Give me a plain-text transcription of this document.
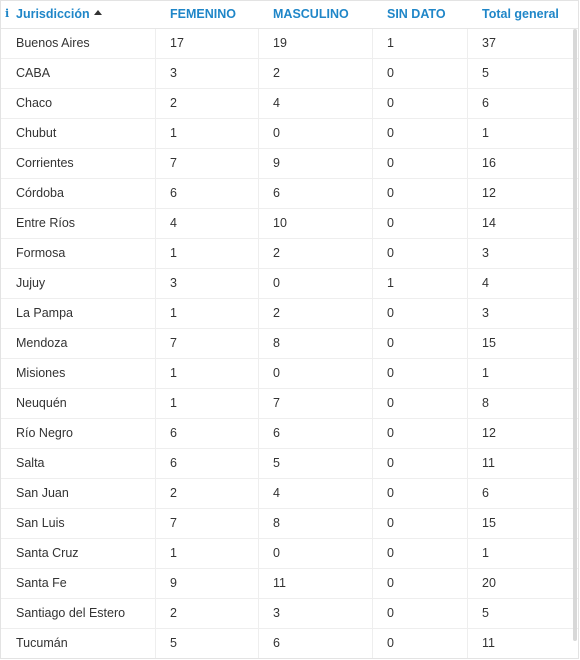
i Jurisdicción	FEMENINO	MASCULINO	SIN DATO	Total general
Buenos Aires	17	19	1	37
CABA	3	2	0	5
Chaco	2	4	0	6
Chubut	1	0	0	1
Corrientes	7	9	0	16
Córdoba	6	6	0	12
Entre Ríos	4	10	0	14
Formosa	1	2	0	3
Jujuy	3	0	1	4
La Pampa	1	2	0	3
Mendoza	7	8	0	15
Misiones	1	0	0	1
Neuquén	1	7	0	8
Río Negro	6	6	0	12
Salta	6	5	0	11
San Juan	2	4	0	6
San Luis	7	8	0	15
Santa Cruz	1	0	0	1
Santa Fe	9	11	0	20
Santiago del Estero	2	3	0	5
Tucumán	5	6	0	11
